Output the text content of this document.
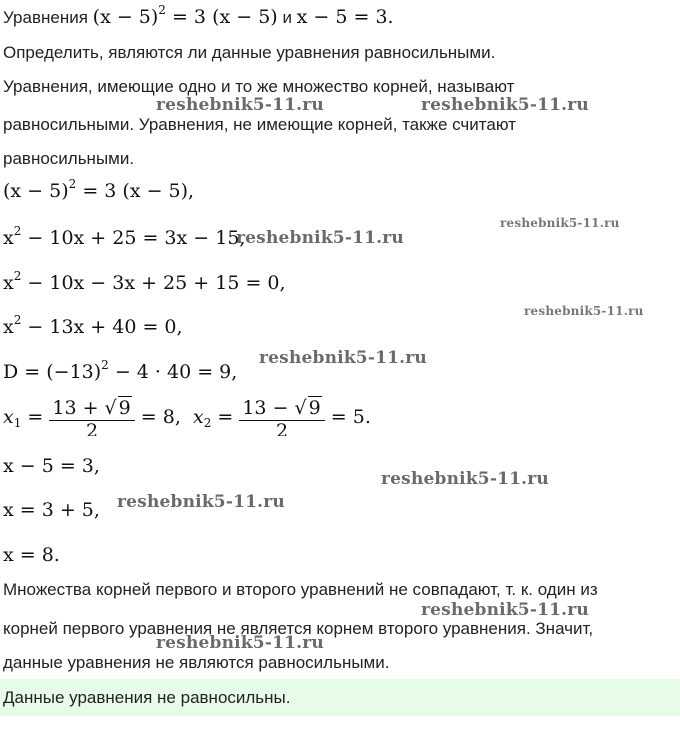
Уравнения $(x - 5)^2 = 3$ (x − 5) и x − 5 = 3.
Определить, являются ли данные уравнения равносильными.
Уравнения, имеющие одно и то же множество корней, называют
равносильными. Уравнения, не имеющие корней, также считают
равносильными.
$(x - 5)^2 = 3$ (x − 5),
$x^2 - 10x + 25 = 3x - 15$,
$x^2 - 10x - 3x + 25 + 15 = 0$,
$x^2 - 13x + 40 = 0$,
$D = (-13)^2 - 4 \cdot 40 = 9$,
$x_1 = \frac{13 + √ 9}{2} = 8$, $x_2 = \frac{13 - √ 9}{2} = 5$.
x − 5 = 3,
x = 3 + 5,
x = 8.
Множества корней первого и второго уравнений не совпадают, т. к. один из
корней первого уравнения не является корнем второго уравнения. Значит,
данные уравнения не являются равносильными.
Данные уравнения не равносильны.
reshebnik5-11.ru	reshebnik5-11.ru
reshebnik5-11.ru
reshebnik5-11.ru
reshebnik5-11.ru
reshebnik5-11.ru
reshebnik5-11.ru
reshebnik5-11.ru
reshebnik5-11.ru
reshebnik5-11.ru
